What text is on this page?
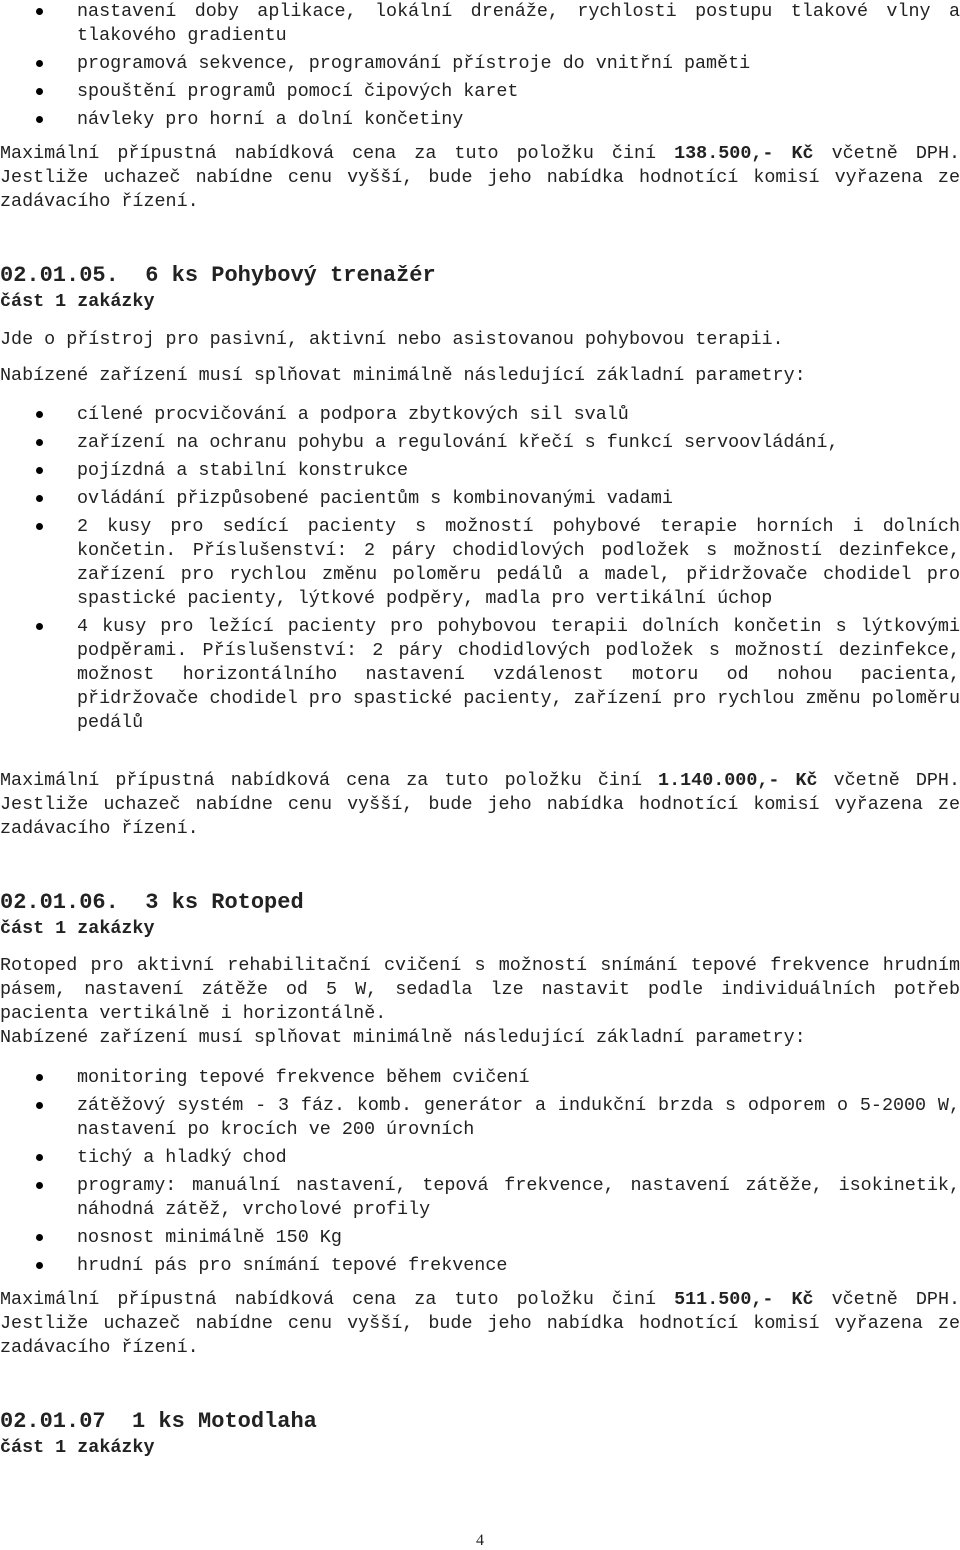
nastavení doby aplikace, lokální drenáže, rychlosti postupu tlakové vlny a tlakového gradientu
programová sekvence, programování přístroje do vnitřní paměti
spouštění programů pomocí čipových karet
návleky pro horní a dolní končetiny

Maximální přípustná nabídková cena za tuto položku činí 138.500,- Kč včetně DPH. Jestliže uchazeč nabídne cenu vyšší, bude jeho nabídka hodnotící komisí vyřazena ze zadávacího řízení.

02.01.05. 6 ks Pohybový trenažér
část 1 zakázky

Jde o přístroj pro pasivní, aktivní nebo asistovanou pohybovou terapii.

Nabízené zařízení musí splňovat minimálně následující základní parametry:

cílené procvičování a podpora zbytkových sil svalů
zařízení na ochranu pohybu a regulování křečí s funkcí servoovládání,
pojízdná a stabilní konstrukce
ovládání přizpůsobené pacientům s kombinovanými vadami
2 kusy pro sedící pacienty s možností pohybové terapie horních i dolních končetin. Příslušenství: 2 páry chodidlových podložek s možností dezinfekce, zařízení pro rychlou změnu poloměru pedálů a madel, přidržovače chodidel pro spastické pacienty, lýtkové podpěry, madla pro vertikální úchop
4 kusy pro ležící pacienty pro pohybovou terapii dolních končetin s lýtkovými podpěrami. Příslušenství: 2 páry chodidlových podložek s možností dezinfekce, možnost horizontálního nastavení vzdálenost motoru od nohou pacienta, přidržovače chodidel pro spastické pacienty, zařízení pro rychlou změnu poloměru pedálů

Maximální přípustná nabídková cena za tuto položku činí 1.140.000,- Kč včetně DPH. Jestliže uchazeč nabídne cenu vyšší, bude jeho nabídka hodnotící komisí vyřazena ze zadávacího řízení.

02.01.06. 3 ks Rotoped
část 1 zakázky

Rotoped pro aktivní rehabilitační cvičení s možností snímání tepové frekvence hrudním pásem, nastavení zátěže od 5 W, sedadla lze nastavit podle individuálních potřeb pacienta vertikálně i horizontálně.

Nabízené zařízení musí splňovat minimálně následující základní parametry:

monitoring tepové frekvence během cvičení
zátěžový systém - 3 fáz. komb. generátor a indukční brzda s odporem o 5-2000 W, nastavení po krocích ve 200 úrovních
tichý a hladký chod
programy: manuální nastavení, tepová frekvence, nastavení zátěže, isokinetik, náhodná zátěž, vrcholové profily
nosnost minimálně 150 Kg
hrudní pás pro snímání tepové frekvence

Maximální přípustná nabídková cena za tuto položku činí 511.500,- Kč včetně DPH. Jestliže uchazeč nabídne cenu vyšší, bude jeho nabídka hodnotící komisí vyřazena ze zadávacího řízení.

02.01.07 1 ks Motodlaha
část 1 zakázky
4
